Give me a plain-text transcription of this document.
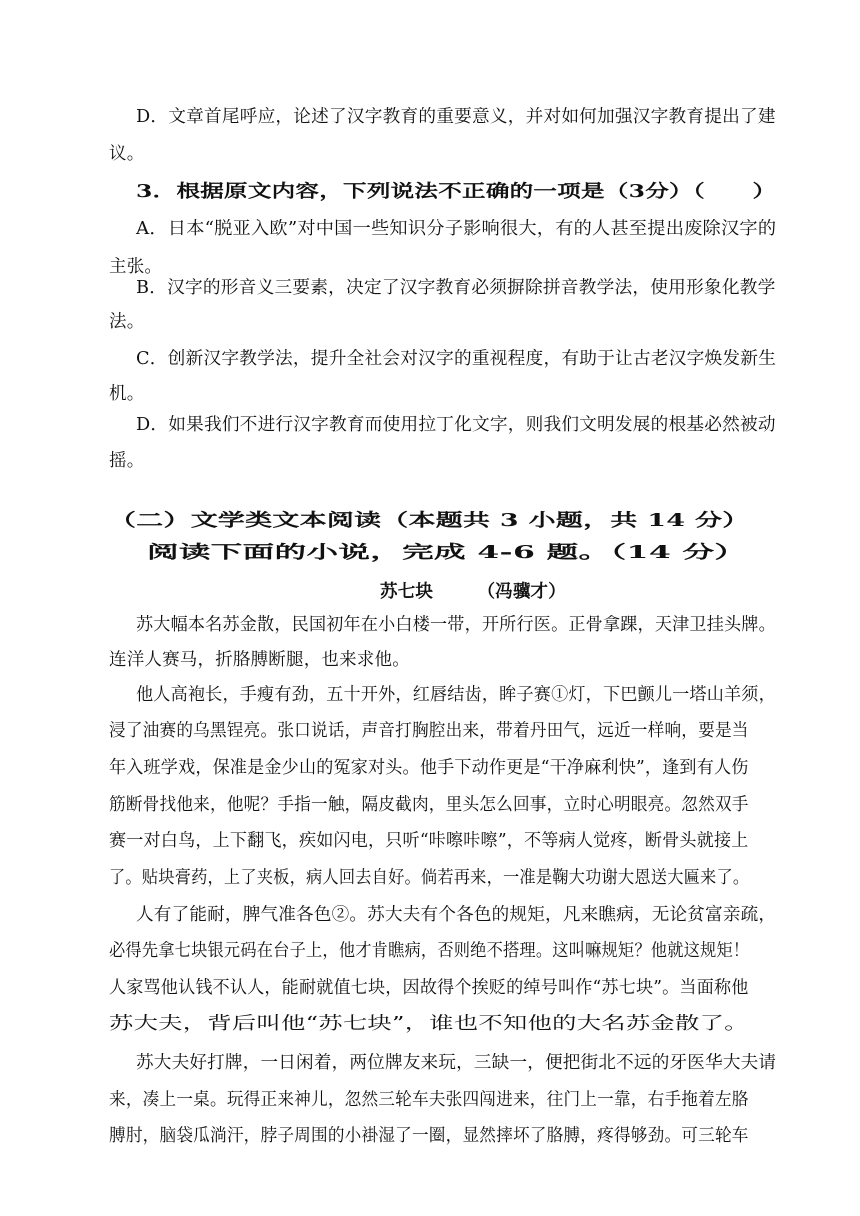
D．文章首尾呼应，论述了汉字教育的重要意义，并对如何加强汉字教育提出了建
议。
3．根据原文内容，下列说法不正确的一项是（3分）（　　）
A．日本“脱亚入欧”对中国一些知识分子影响很大，有的人甚至提出废除汉字的
主张。
B．汉字的形音义三要素，决定了汉字教育必须摒除拼音教学法，使用形象化教学
法。
C．创新汉字教学法，提升全社会对汉字的重视程度，有助于让古老汉字焕发新生
机。
D．如果我们不进行汉字教育而使用拉丁化文字，则我们文明发展的根基必然被动
摇。
（二）文学类文本阅读（本题共 3 小题，共 14 分）
阅读下面的小说，完成 4-6 题。（14 分）
苏七块　　　（冯骥才）
苏大幅本名苏金散，民国初年在小白楼一带，开所行医。正骨拿踝，天津卫挂头牌。
连洋人赛马，折胳膊断腿，也来求他。
他人高袍长，手瘦有劲，五十开外，红唇结齿，眸子赛①灯，下巴颤儿一塔山羊须，
浸了油赛的乌黑锃亮。张口说话，声音打胸腔出来，带着丹田气，远近一样响，要是当
年入班学戏，保准是金少山的冤家对头。他手下动作更是“干净麻利快”，逢到有人伤
筋断骨找他来，他呢？手指一触，隔皮截肉，里头怎么回事，立时心明眼亮。忽然双手
赛一对白鸟，上下翻飞，疾如闪电，只听“咔嚓咔嚓”，不等病人觉疼，断骨头就接上
了。贴块膏药，上了夹板，病人回去自好。倘若再来，一准是鞠大功谢大恩送大匾来了。
人有了能耐，脾气准各色②。苏大夫有个各色的规矩，凡来瞧病，无论贫富亲疏，
必得先拿七块银元码在台子上，他才肯瞧病，否则绝不搭理。这叫嘛规矩？他就这规矩！
人家骂他认钱不认人，能耐就值七块，因故得个挨贬的绰号叫作“苏七块”。当面称他
苏大夫，背后叫他“苏七块”，谁也不知他的大名苏金散了。
苏大夫好打牌，一日闲着，两位牌友来玩，三缺一，便把街北不远的牙医华大夫请
来，凑上一桌。玩得正来神儿，忽然三轮车夫张四闯进来，往门上一靠，右手拖着左胳
膊肘，脑袋瓜淌汗，脖子周围的小褂湿了一圈，显然摔坏了胳膊，疼得够劲。可三轮车
